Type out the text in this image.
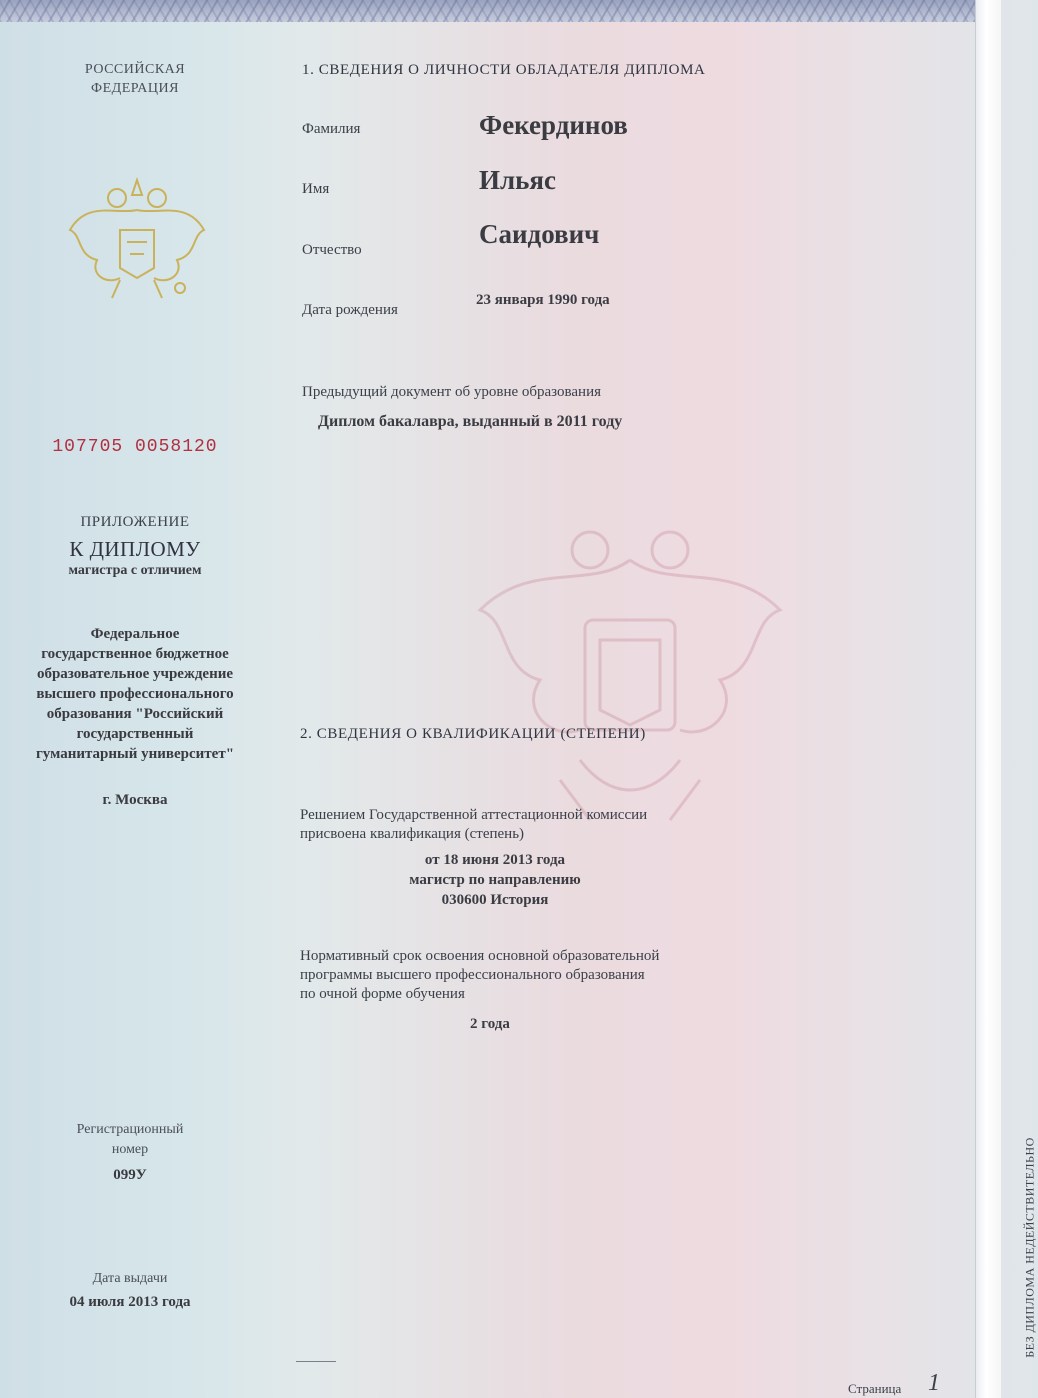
РОССИЙСКАЯ
ФЕДЕРАЦИЯ
107705 0058120
ПРИЛОЖЕНИЕ
К ДИПЛОМУ
магистра с отличием
Федеральное
государственное бюджетное
образовательное учреждение
высшего профессионального
образования "Российский
государственный
гуманитарный университет"
г. Москва
Регистрационный
номер
099У
Дата выдачи
04 июля 2013 года
1. СВЕДЕНИЯ О ЛИЧНОСТИ ОБЛАДАТЕЛЯ ДИПЛОМА
Фамилия	Фекердинов
Имя	Ильяс
Отчество
Саидович
Дата рождения
23 января 1990 года
Предыдущий документ об уровне образования
Диплом бакалавра, выданный в 2011 году
2. СВЕДЕНИЯ О КВАЛИФИКАЦИИ (СТЕПЕНИ)
Решением Государственной аттестационной комиссии
присвоена квалификация (степень)
от 18 июня 2013 года
магистр по направлению
030600 История
Нормативный срок освоения основной образовательной
программы высшего профессионального образования
по очной форме обучения
2 года
Страница 1
БЕЗ ДИПЛОМА НЕДЕЙСТВИТЕЛЬНО
